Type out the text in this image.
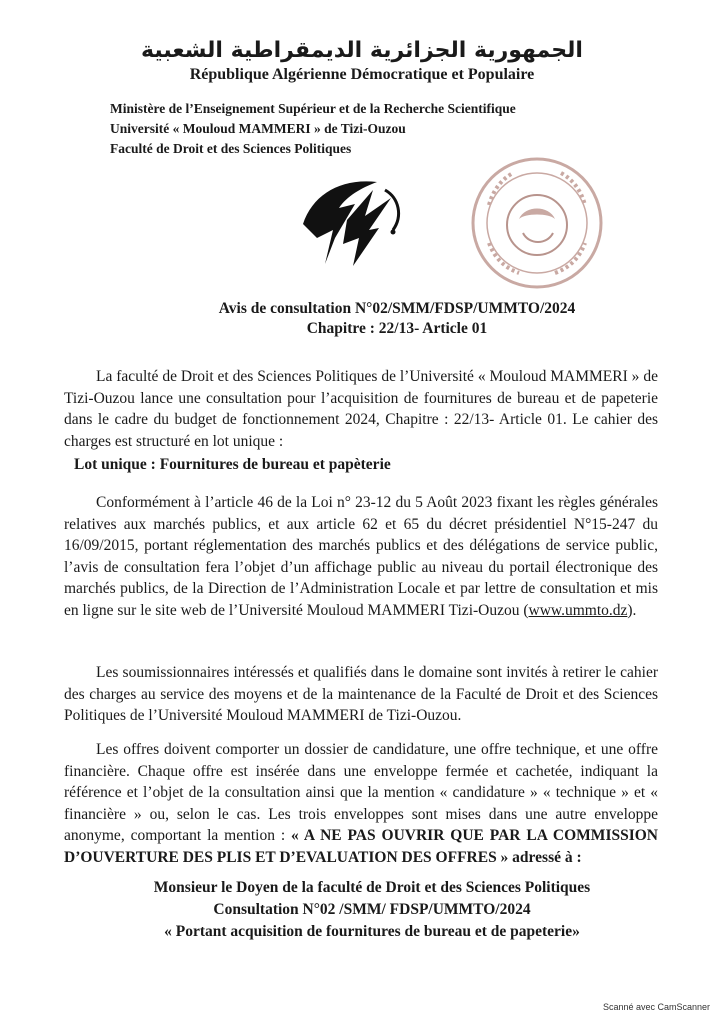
الجمهورية الجزائرية الديمقراطية الشعبية
République Algérienne Démocratique et Populaire
Ministère de l’Enseignement Supérieur et de la Recherche Scientifique
Université « Mouloud MAMMERI » de Tizi-Ouzou
Faculté de Droit et des Sciences Politiques
Avis de consultation N°02/SMM/FDSP/UMMTO/2024
Chapitre : 22/13- Article 01
La faculté de Droit et des Sciences Politiques de l’Université « Mouloud MAMMERI » de Tizi-Ouzou lance une consultation pour l’acquisition de fournitures de bureau et de papeterie dans le cadre du budget de fonctionnement 2024, Chapitre : 22/13- Article 01. Le cahier des charges est structuré en lot unique :
Lot unique : Fournitures de bureau et papèterie
Conformément à l’article 46 de la Loi n° 23-12 du 5 Août 2023 fixant les règles générales relatives aux marchés publics, et aux article 62 et 65 du décret présidentiel N°15-247 du 16/09/2015, portant réglementation des marchés publics et des délégations de service public, l’avis de consultation fera l’objet d’un affichage public au niveau du portail électronique des marchés publics, de la Direction de l’Administration Locale et par lettre de consultation et mis en ligne sur le site web de l’Université Mouloud MAMMERI Tizi-Ouzou (www.ummto.dz).
Les soumissionnaires intéressés et qualifiés dans le domaine sont invités à retirer le cahier des charges au service des moyens et de la maintenance de la Faculté de Droit et des Sciences Politiques de l’Université Mouloud MAMMERI de Tizi-Ouzou.
Les offres doivent comporter un dossier de candidature, une offre technique, et une offre financière. Chaque offre est insérée dans une enveloppe fermée et cachetée, indiquant la référence et l’objet de la consultation ainsi que la mention « candidature » « technique » et « financière » ou, selon le cas. Les trois enveloppes sont mises dans une autre enveloppe anonyme, comportant la mention : « A NE PAS OUVRIR QUE PAR LA COMMISSION D’OUVERTURE DES PLIS ET D’EVALUATION DES OFFRES » adressé à :
Monsieur le Doyen de la faculté de Droit et des Sciences Politiques
Consultation N°02 /SMM/ FDSP/UMMTO/2024
« Portant acquisition de fournitures de bureau et de papeterie»
Scanné avec CamScanner
